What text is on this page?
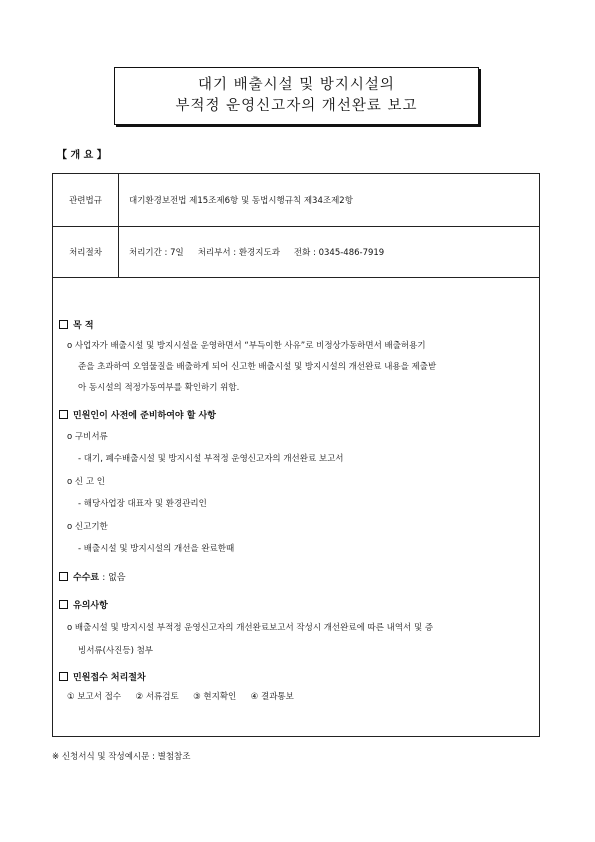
대기 배출시설 및 방지시설의
부적정 운영신고자의 개선완료 보고
【 개 요 】
관련법규	대기환경보전법 제15조제6항 및 동법시행규칙 제34조제2항
처리절차	처리기간 : 7일 처리부서 : 환경지도과 전화 : 0345-486-7919
목 적
o 사업자가 배출시설 및 방지시설을 운영하면서 “부득이한 사유”로 비정상가동하면서 배출허용기
준을 초과하여 오염물질을 배출하게 되어 신고한 배출시설 및 방지시설의 개선완료 내용을 제출받
아 동시설의 적정가동여부를 확인하기 위함.
민원인이 사전에 준비하여야 할 사항
o 구비서류
- 대기, 폐수배출시설 및 방지시설 부적정 운영신고자의 개선완료 보고서
o 신 고 인
- 해당사업장 대표자 및 환경관리인
o 신고기한
- 배출시설 및 방지시설의 개선을 완료한때
수수료 : 없음
유의사항
o 배출시설 및 방지시설 부적정 운영신고자의 개선완료보고서 작성시 개선완료에 따른 내역서 및 증
빙서류(사진등) 첨부
민원접수 처리절차
① 보고서 접수 ② 서류검토 ③ 현지확인 ④ 결과통보
※ 신청서식 및 작성예시문 : 별첨참조
